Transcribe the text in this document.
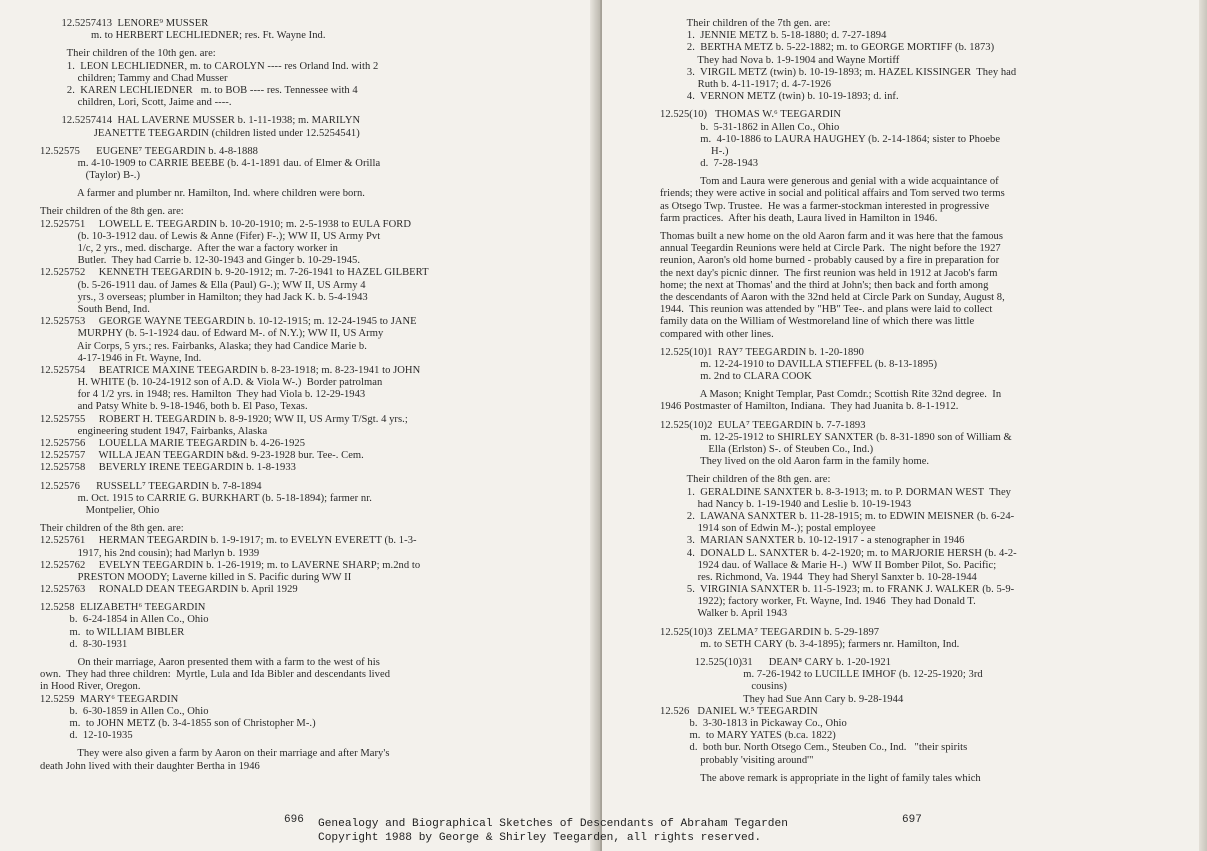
12.5257413  LENORE⁹ MUSSER
m. to HERBERT LECHLIEDNER; res. Ft. Wayne Ind.
Their children of the 10th gen. are:
1.  LEON LECHLIEDNER, m. to CAROLYN ---- res Orland Ind. with 2
children; Tammy and Chad Musser
2.  KAREN LECHLIEDNER   m. to BOB ---- res. Tennessee with 4
children, Lori, Scott, Jaime and ----.
12.5257414  HAL LAVERNE MUSSER b. 1-11-1938; m. MARILYN
JEANETTE TEEGARDIN (children listed under 12.5254541)
12.52575      EUGENE⁷ TEEGARDIN b. 4-8-1888
m. 4-10-1909 to CARRIE BEEBE (b. 4-1-1891 dau. of Elmer & Orilla
(Taylor) B-.)
A farmer and plumber nr. Hamilton, Ind. where children were born.
Their children of the 8th gen. are:
12.525751     LOWELL E. TEEGARDIN b. 10-20-1910; m. 2-5-1938 to EULA FORD
(b. 10-3-1912 dau. of Lewis & Anne (Fifer) F-.); WW II, US Army Pvt
1/c, 2 yrs., med. discharge.  After the war a factory worker in
Butler.  They had Carrie b. 12-30-1943 and Ginger b. 10-29-1945.
12.525752     KENNETH TEEGARDIN b. 9-20-1912; m. 7-26-1941 to HAZEL GILBERT
(b. 5-26-1911 dau. of James & Ella (Paul) G-.); WW II, US Army 4
yrs., 3 overseas; plumber in Hamilton; they had Jack K. b. 5-4-1943
South Bend, Ind.
12.525753     GEORGE WAYNE TEEGARDIN b. 10-12-1915; m. 12-24-1945 to JANE
MURPHY (b. 5-1-1924 dau. of Edward M-. of N.Y.); WW II, US Army
Air Corps, 5 yrs.; res. Fairbanks, Alaska; they had Candice Marie b.
4-17-1946 in Ft. Wayne, Ind.
12.525754     BEATRICE MAXINE TEEGARDIN b. 8-23-1918; m. 8-23-1941 to JOHN
H. WHITE (b. 10-24-1912 son of A.D. & Viola W-.)  Border patrolman
for 4 1/2 yrs. in 1948; res. Hamilton  They had Viola b. 12-29-1943
and Patsy White b. 9-18-1946, both b. El Paso, Texas.
12.525755     ROBERT H. TEEGARDIN b. 8-9-1920; WW II, US Army T/Sgt. 4 yrs.;
engineering student 1947, Fairbanks, Alaska
12.525756     LOUELLA MARIE TEEGARDIN b. 4-26-1925
12.525757     WILLA JEAN TEEGARDIN b&d. 9-23-1928 bur. Tee-. Cem.
12.525758     BEVERLY IRENE TEEGARDIN b. 1-8-1933
12.52576      RUSSELL⁷ TEEGARDIN b. 7-8-1894
m. Oct. 1915 to CARRIE G. BURKHART (b. 5-18-1894); farmer nr.
Montpelier, Ohio
Their children of the 8th gen. are:
12.525761     HERMAN TEEGARDIN b. 1-9-1917; m. to EVELYN EVERETT (b. 1-3-
1917, his 2nd cousin); had Marlyn b. 1939
12.525762     EVELYN TEEGARDIN b. 1-26-1919; m. to LAVERNE SHARP; m.2nd to
PRESTON MOODY; Laverne killed in S. Pacific during WW II
12.525763     RONALD DEAN TEEGARDIN b. April 1929
12.5258  ELIZABETH⁶ TEEGARDIN
b.  6-24-1854 in Allen Co., Ohio
m.  to WILLIAM BIBLER
d.  8-30-1931
On their marriage, Aaron presented them with a farm to the west of his
own.  They had three children:  Myrtle, Lula and Ida Bibler and descendants lived
in Hood River, Oregon.
12.5259  MARY⁶ TEEGARDIN
b.  6-30-1859 in Allen Co., Ohio
m.  to JOHN METZ (b. 3-4-1855 son of Christopher M-.)
d.  12-10-1935
They were also given a farm by Aaron on their marriage and after Mary's
death John lived with their daughter Bertha in 1946
696
Their children of the 7th gen. are:
1.  JENNIE METZ b. 5-18-1880; d. 7-27-1894
2.  BERTHA METZ b. 5-22-1882; m. to GEORGE MORTIFF (b. 1873)
They had Nova b. 1-9-1904 and Wayne Mortiff
3.  VIRGIL METZ (twin) b. 10-19-1893; m. HAZEL KISSINGER  They had
Ruth b. 4-11-1917; d. 4-7-1926
4.  VERNON METZ (twin) b. 10-19-1893; d. inf.
12.525(10)   THOMAS W.⁶ TEEGARDIN
b.  5-31-1862 in Allen Co., Ohio
m.  4-10-1886 to LAURA HAUGHEY (b. 2-14-1864; sister to Phoebe
H-.)
d.  7-28-1943
Tom and Laura were generous and genial with a wide acquaintance of
friends; they were active in social and political affairs and Tom served two terms
as Otsego Twp. Trustee.  He was a farmer-stockman interested in progressive
farm practices.  After his death, Laura lived in Hamilton in 1946.
Thomas built a new home on the old Aaron farm and it was here that the famous
annual Teegardin Reunions were held at Circle Park.  The night before the 1927
reunion, Aaron's old home burned - probably caused by a fire in preparation for
the next day's picnic dinner.  The first reunion was held in 1912 at Jacob's farm
home; the next at Thomas' and the third at John's; then back and forth among
the descendants of Aaron with the 32nd held at Circle Park on Sunday, August 8,
1944.  This reunion was attended by "HB" Tee-. and plans were laid to collect
family data on the William of Westmoreland line of which there was little
compared with other lines.
12.525(10)1  RAY⁷ TEEGARDIN b. 1-20-1890
m. 12-24-1910 to DAVILLA STIEFFEL (b. 8-13-1895)
m. 2nd to CLARA COOK
A Mason; Knight Templar, Past Comdr.; Scottish Rite 32nd degree.  In
1946 Postmaster of Hamilton, Indiana.  They had Juanita b. 8-1-1912.
12.525(10)2  EULA⁷ TEEGARDIN b. 7-7-1893
m. 12-25-1912 to SHIRLEY SANXTER (b. 8-31-1890 son of William &
Ella (Erlston) S-. of Steuben Co., Ind.)
They lived on the old Aaron farm in the family home.
Their children of the 8th gen. are:
1.  GERALDINE SANXTER b. 8-3-1913; m. to P. DORMAN WEST  They
had Nancy b. 1-19-1940 and Leslie b. 10-19-1943
2.  LAWANA SANXTER b. 11-28-1915; m. to EDWIN MEISNER (b. 6-24-
1914 son of Edwin M-.); postal employee
3.  MARIAN SANXTER b. 10-12-1917 - a stenographer in 1946
4.  DONALD L. SANXTER b. 4-2-1920; m. to MARJORIE HERSH (b. 4-2-
1924 dau. of Wallace & Marie H-.)  WW II Bomber Pilot, So. Pacific;
res. Richmond, Va. 1944  They had Sheryl Sanxter b. 10-28-1944
5.  VIRGINIA SANXTER b. 11-5-1923; m. to FRANK J. WALKER (b. 5-9-
1922); factory worker, Ft. Wayne, Ind. 1946  They had Donald T.
Walker b. April 1943
12.525(10)3  ZELMA⁷ TEEGARDIN b. 5-29-1897
m. to SETH CARY (b. 3-4-1895); farmers nr. Hamilton, Ind.
12.525(10)31      DEAN⁸ CARY b. 1-20-1921
m. 7-26-1942 to LUCILLE IMHOF (b. 12-25-1920; 3rd
cousins)
They had Sue Ann Cary b. 9-28-1944
12.526   DANIEL W.⁵ TEEGARDIN
b.  3-30-1813 in Pickaway Co., Ohio
m.  to MARY YATES (b.ca. 1822)
d.  both bur. North Otsego Cem., Steuben Co., Ind.   "their spirits
probably 'visiting around'"
The above remark is appropriate in the light of family tales which
697
Genealogy and Biographical Sketches of Descendants of Abraham Tegarden
Copyright 1988 by George & Shirley Teegarden, all rights reserved.
